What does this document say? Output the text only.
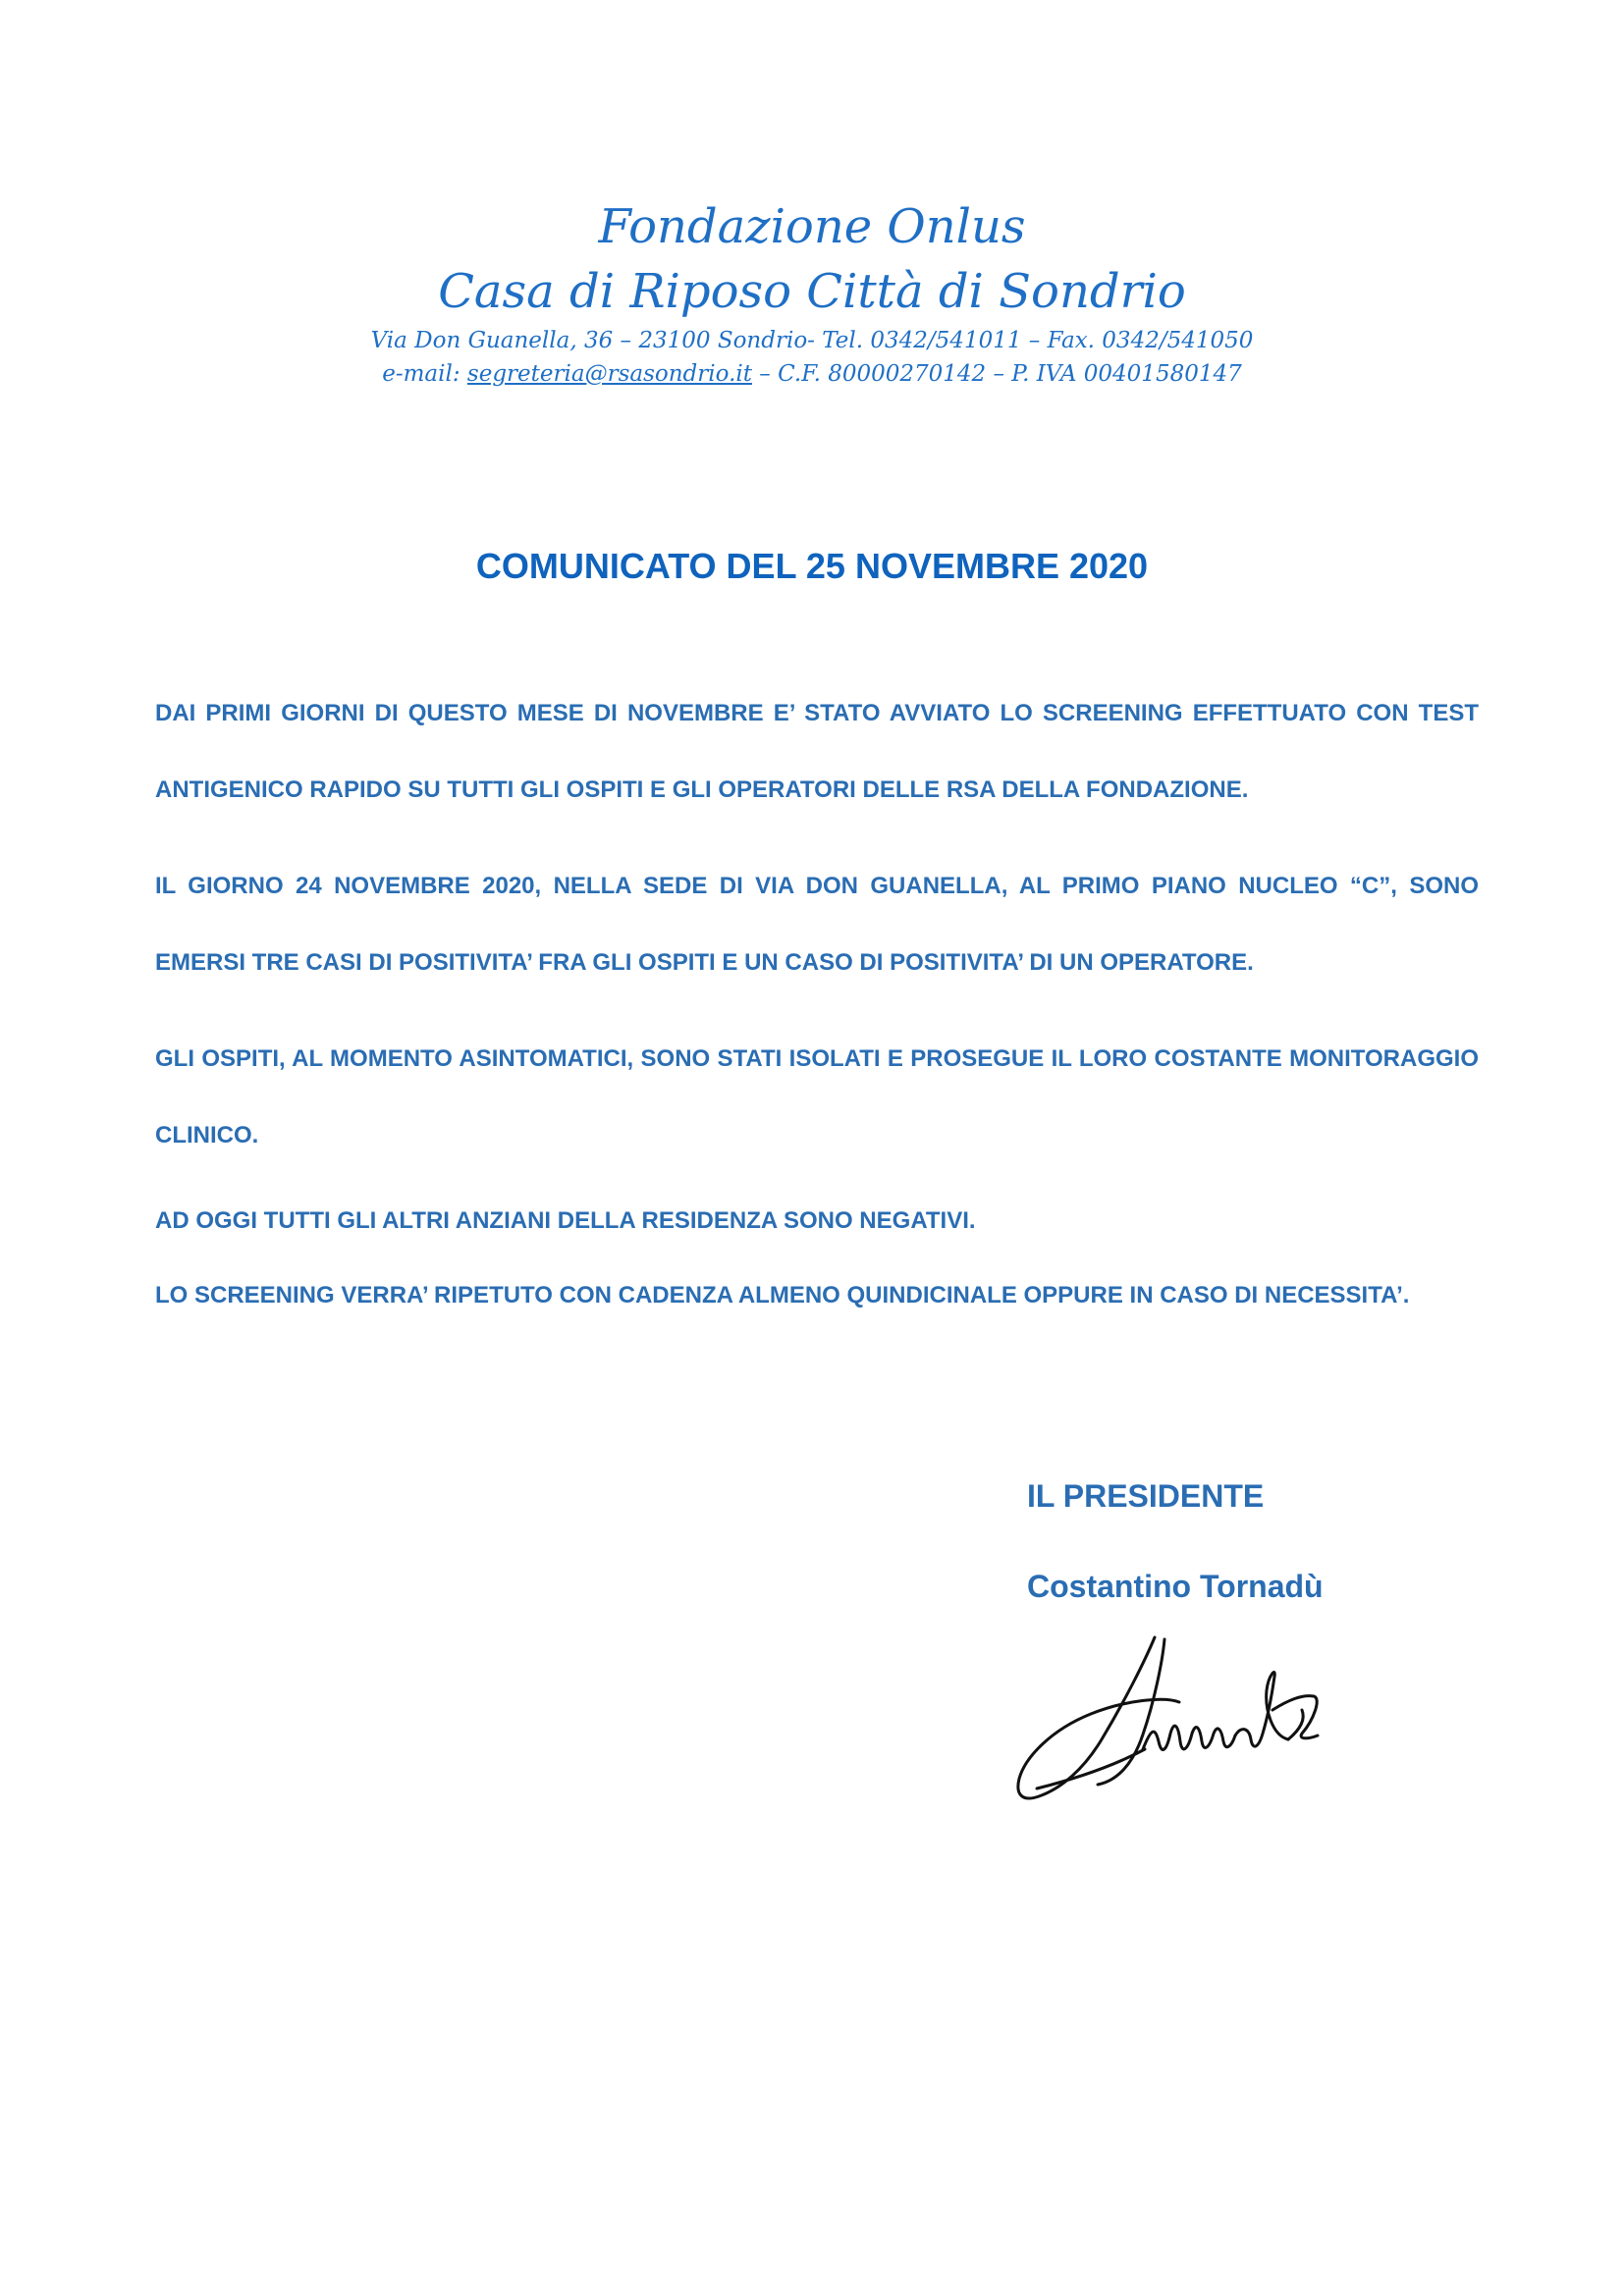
Fondazione Onlus

Casa di Riposo Città di Sondrio

Via Don Guanella, 36 – 23100 Sondrio- Tel. 0342/541011 – Fax. 0342/541050

e-mail: segreteria@rsasondrio.it – C.F. 80000270142 – P. IVA 00401580147

COMUNICATO DEL 25 NOVEMBRE 2020

DAI PRIMI GIORNI DI QUESTO MESE DI NOVEMBRE E’ STATO AVVIATO LO SCREENING EFFETTUATO CON TEST ANTIGENICO RAPIDO SU TUTTI GLI OSPITI E GLI OPERATORI DELLE RSA DELLA FONDAZIONE.

IL GIORNO 24 NOVEMBRE 2020, NELLA SEDE DI VIA DON GUANELLA, AL PRIMO PIANO NUCLEO “C”, SONO EMERSI TRE CASI DI POSITIVITA’ FRA GLI OSPITI E UN CASO DI POSITIVITA’ DI UN OPERATORE.

GLI OSPITI, AL MOMENTO ASINTOMATICI, SONO STATI ISOLATI E PROSEGUE IL LORO COSTANTE MONITORAGGIO CLINICO.

AD OGGI TUTTI GLI ALTRI ANZIANI DELLA RESIDENZA SONO NEGATIVI.

LO SCREENING VERRA’ RIPETUTO CON CADENZA ALMENO QUINDICINALE OPPURE IN CASO DI NECESSITA’.

IL PRESIDENTE

Costantino Tornadù
